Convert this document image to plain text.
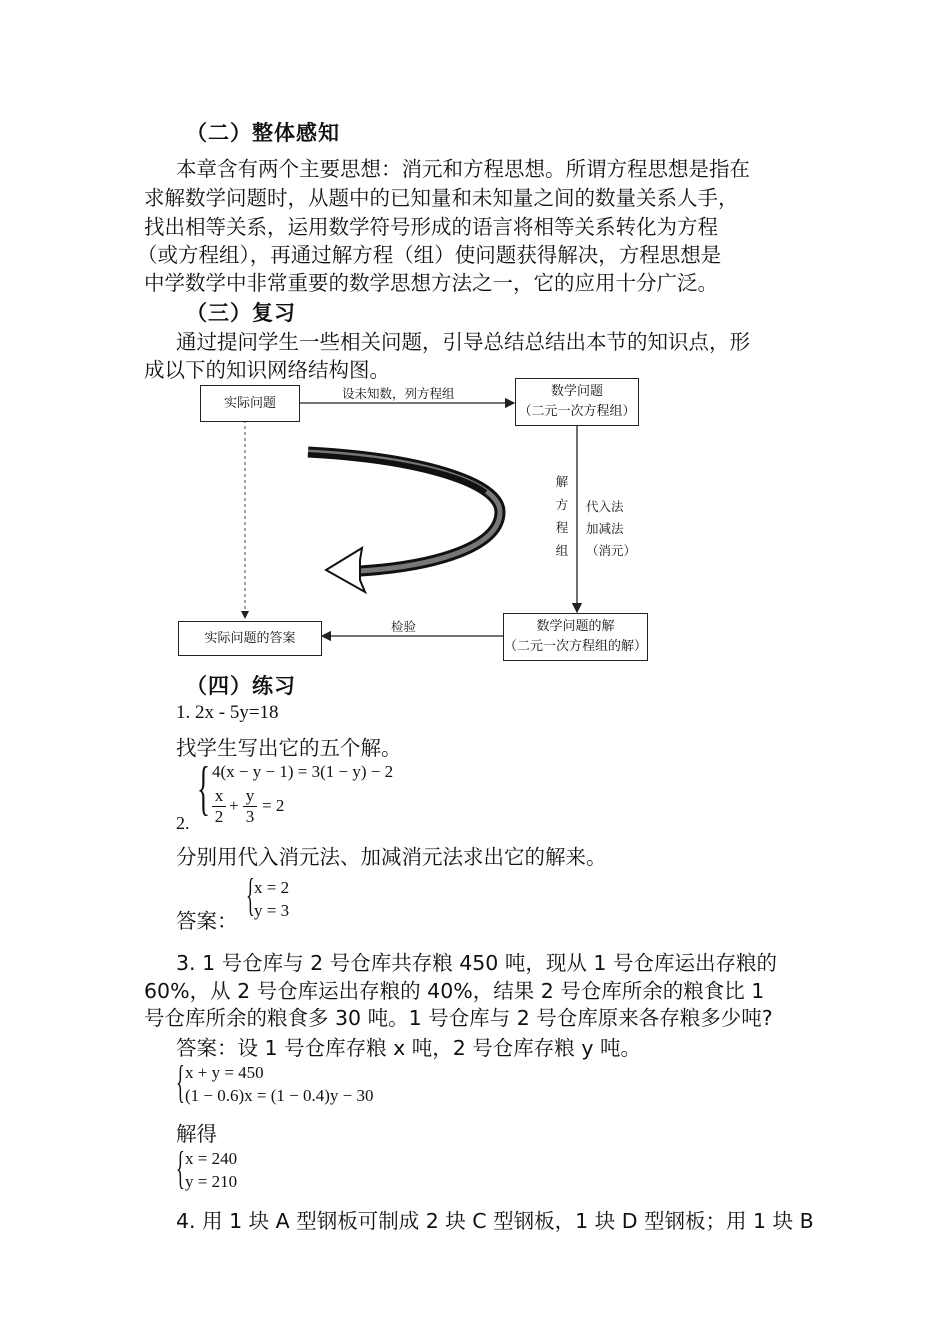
（二）整体感知
本章含有两个主要思想：消元和方程思想。所谓方程思想是指在
求解数学问题时，从题中的已知量和未知量之间的数量关系人手，
找出相等关系，运用数学符号形成的语言将相等关系转化为方程
（或方程组），再通过解方程（组）使问题获得解决，方程思想是
中学数学中非常重要的数学思想方法之一，它的应用十分广泛。
（三）复习
通过提问学生一些相关问题，引导总结总结出本节的知识点，形
成以下的知识网络结构图。
实际问题
数学问题
（二元一次方程组）
数学问题的解
（二元一次方程组的解）
实际问题的答案
设未知数，列方程组
检验
解
方
程
组
代入法
加减法
（消元）
（四）练习
1. 2x - 5y=18
找学生写出它的五个解。
{ 4(x − y − 1) = 3(1 − y) − 2
$\frac{x}{2} + \frac{y}{3} = 2$
2.
分别用代入消元法、加减消元法求出它的解来。
答案：
{ x = 2
y = 3
3. 1 号仓库与 2 号仓库共存粮 450 吨，现从 1 号仓库运出存粮的
60%，从 2 号仓库运出存粮的 40%，结果 2 号仓库所余的粮食比 1
号仓库所余的粮食多 30 吨。1 号仓库与 2 号仓库原来各存粮多少吨?
答案：设 1 号仓库存粮 x 吨，2 号仓库存粮 y 吨。
{ x + y = 450
(1 − 0.6)x = (1 − 0.4)y − 30
解得
{ x = 240
y = 210
4. 用 1 块 A 型钢板可制成 2 块 C 型钢板，1 块 D 型钢板；用 1 块 B
